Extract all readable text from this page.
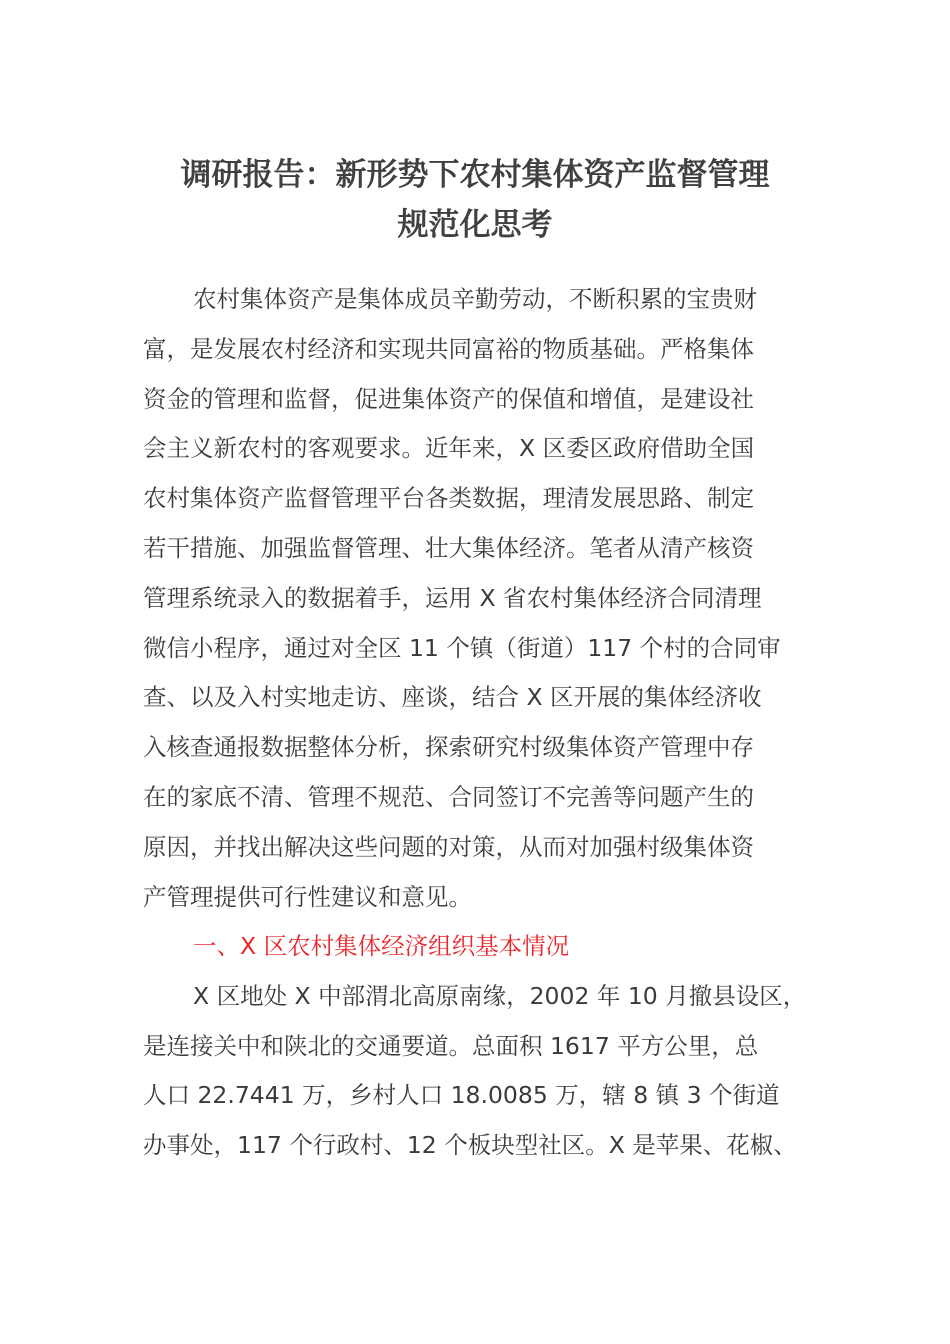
调研报告：新形势下农村集体资产监督管理
规范化思考
农村集体资产是集体成员辛勤劳动，不断积累的宝贵财
富，是发展农村经济和实现共同富裕的物质基础。严格集体
资金的管理和监督，促进集体资产的保值和增值，是建设社
会主义新农村的客观要求。近年来，X 区委区政府借助全国
农村集体资产监督管理平台各类数据，理清发展思路、制定
若干措施、加强监督管理、壮大集体经济。笔者从清产核资
管理系统录入的数据着手，运用 X 省农村集体经济合同清理
微信小程序，通过对全区 11 个镇（街道）117 个村的合同审
查、以及入村实地走访、座谈，结合 X 区开展的集体经济收
入核查通报数据整体分析，探索研究村级集体资产管理中存
在的家底不清、管理不规范、合同签订不完善等问题产生的
原因，并找出解决这些问题的对策，从而对加强村级集体资
产管理提供可行性建议和意见。
一、X 区农村集体经济组织基本情况
X 区地处 X 中部渭北高原南缘，2002 年 10 月撤县设区，
是连接关中和陕北的交通要道。总面积 1617 平方公里，总
人口 22.7441 万，乡村人口 18.0085 万，辖 8 镇 3 个街道
办事处，117 个行政村、12 个板块型社区。X 是苹果、花椒、
